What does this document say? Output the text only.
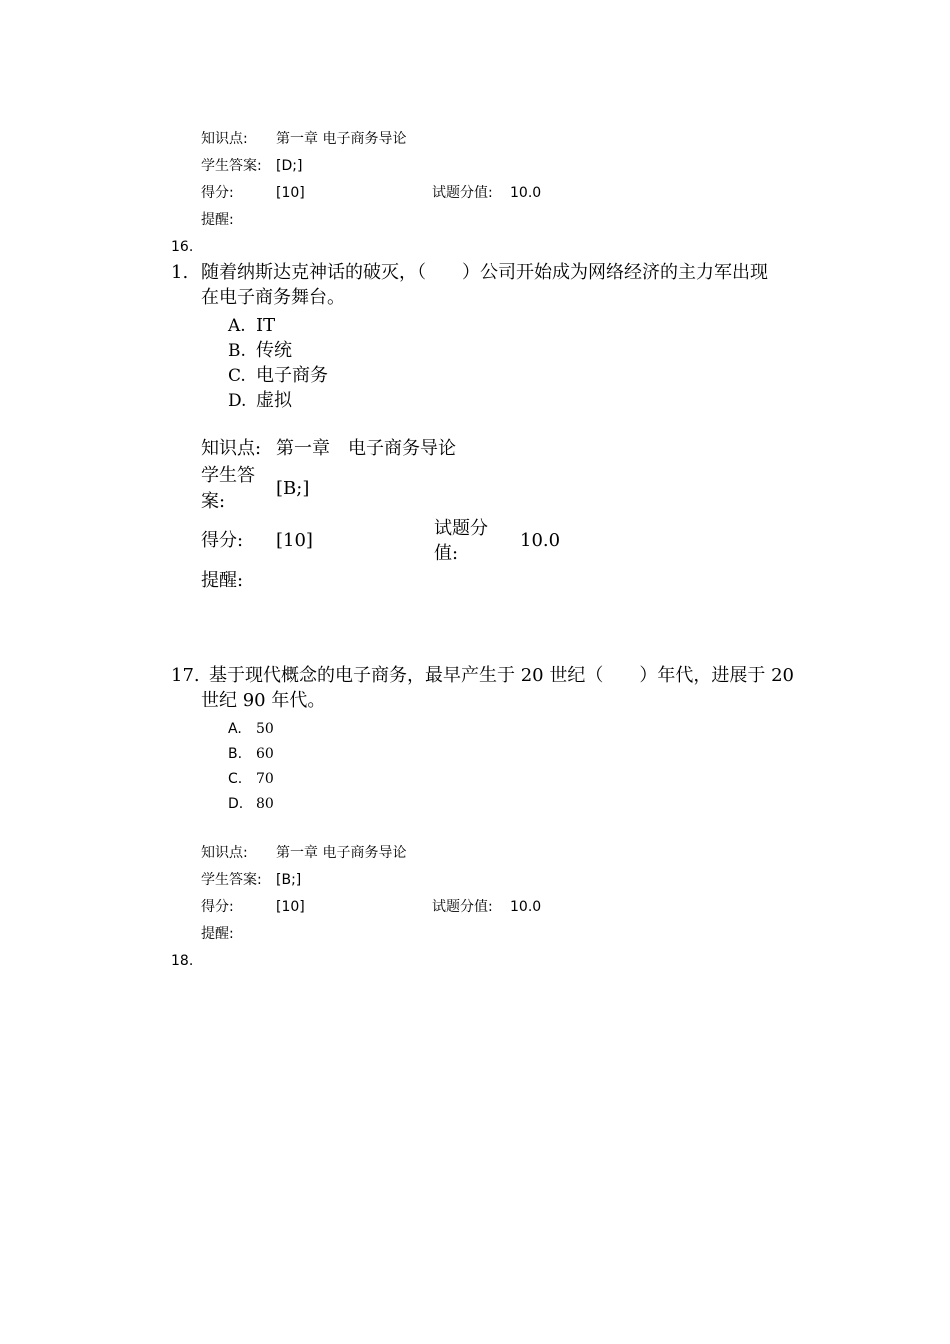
知识点: 第一章 电子商务导论
学生答案: [D;]
得分:	[10]	试题分值: 10.0
提醒:
16.
1. 随着纳斯达克神话的破灭，（　　）公司开始成为网络经济的主力军出现
在电子商务舞台。
A. IT
B. 传统
C. 电子商务
D. 虚拟
知识点: 第一章　电子商务导论
学生答
案:
[B;]
得分: [10]
试题分
值:
10.0
提醒:
17. 基于现代概念的电子商务，最早产生于 20 世纪（　　）年代，进展于 20
世纪 90 年代。
A. 50
B. 60
C. 70
D. 80
知识点: 第一章 电子商务导论
学生答案: [B;]
得分:	[10]	试题分值: 10.0
提醒:
18.
